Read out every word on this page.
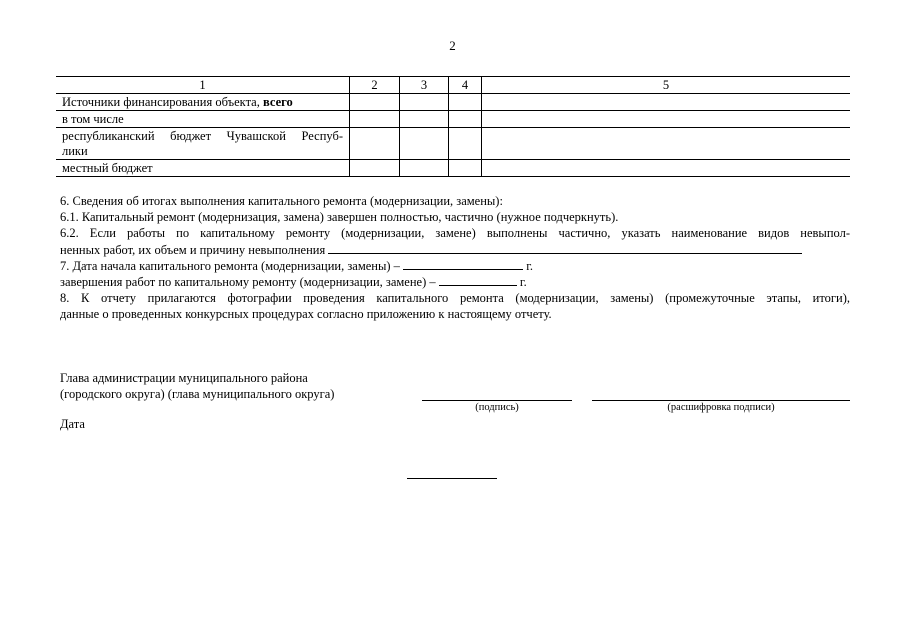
2
1	2	3	4	5
Источники финансирования объекта, всего				
в том числе				

республиканский бюджет Чувашской Респуб-
лики				

местный бюджет				

6. Сведения об итогах выполнения капитального ремонта (модернизации, замены):

6.1. Капитальный ремонт (модернизация, замена) завершен полностью, частично (нужное подчеркнуть).

6.2. Если работы по капитальному ремонту (модернизации, замене) выполнены частично, указать наименование видов невыпол-

ненных работ, их объем и причину невыполнения

7. Дата начала капитального ремонта (модернизации, замены) –	г.

завершения работ по капитальному ремонту (модернизации, замене) –	г.

8. К отчету прилагаются фотографии проведения капитального ремонта (модернизации, замены) (промежуточные этапы, итоги),

данные о проведенных конкурсных процедурах согласно приложению к настоящему отчету.

Глава администрации муниципального района

(городского округа) (глава муниципального округа)

(подпись)	(расшифровка подписи)
Дата
